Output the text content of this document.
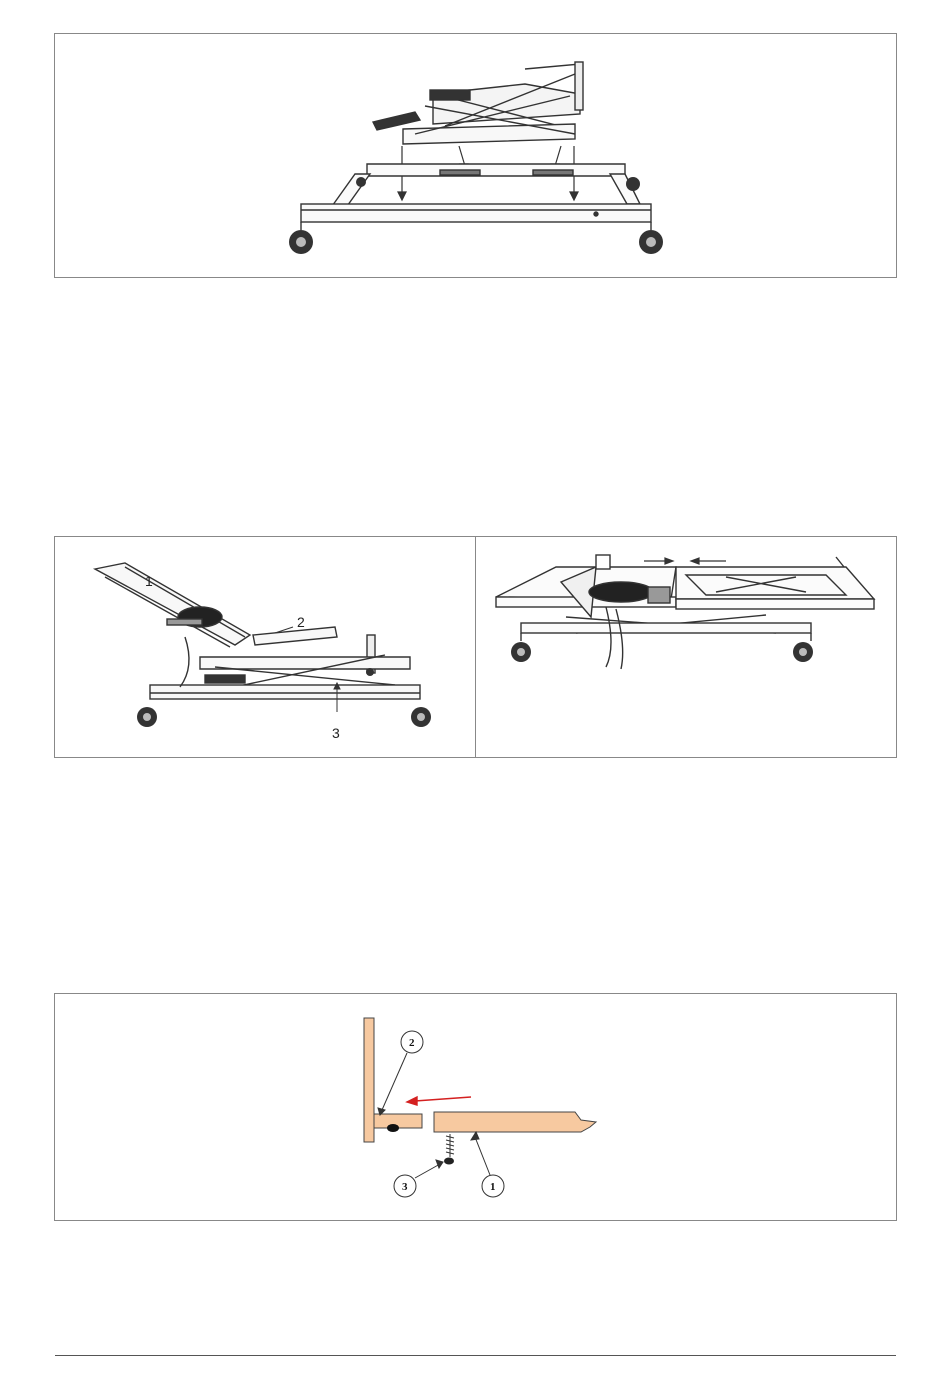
1
2
3
2
3	1
